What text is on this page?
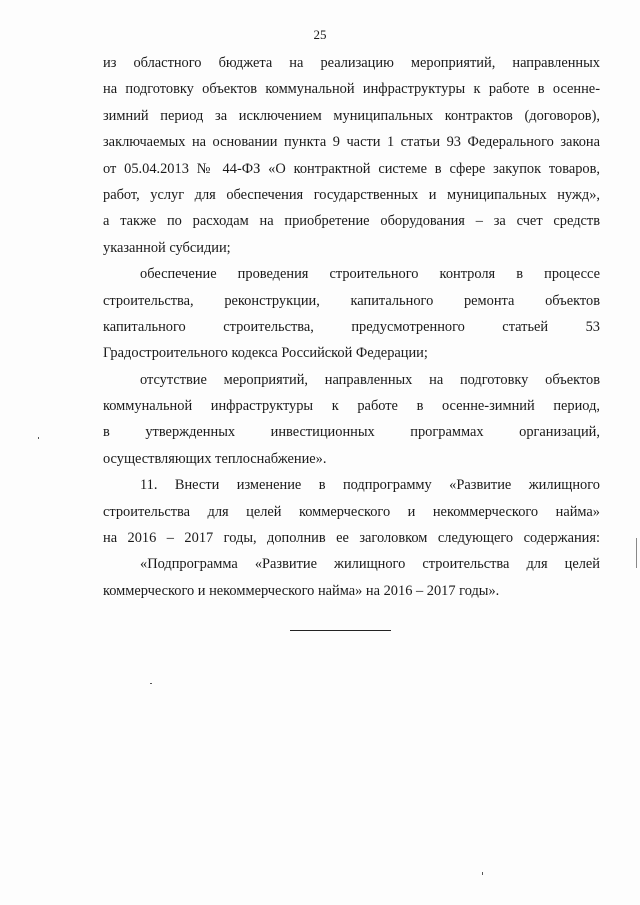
25
из областного бюджета на реализацию мероприятий, направленных
на подготовку объектов коммунальной инфраструктуры к работе в осенне-
зимний период за исключением муниципальных контрактов (договоров),
заключаемых на основании пункта 9 части 1 статьи 93 Федерального закона
от 05.04.2013 № 44-ФЗ «О контрактной системе в сфере закупок товаров,
работ, услуг для обеспечения государственных и муниципальных нужд»,
а также по расходам на приобретение оборудования – за счет средств
указанной субсидии;
обеспечение проведения строительного контроля в процессе
строительства, реконструкции, капитального ремонта объектов
капитального строительства, предусмотренного статьей 53
Градостроительного кодекса Российской Федерации;
отсутствие мероприятий, направленных на подготовку объектов
коммунальной инфраструктуры к работе в осенне-зимний период,
в утвержденных инвестиционных программах организаций,
осуществляющих теплоснабжение».
11. Внести изменение в подпрограмму «Развитие жилищного
строительства для целей коммерческого и некоммерческого найма»
на 2016 – 2017 годы, дополнив ее заголовком следующего содержания:
«Подпрограмма «Развитие жилищного строительства для целей
коммерческого и некоммерческого найма» на 2016 – 2017 годы».
